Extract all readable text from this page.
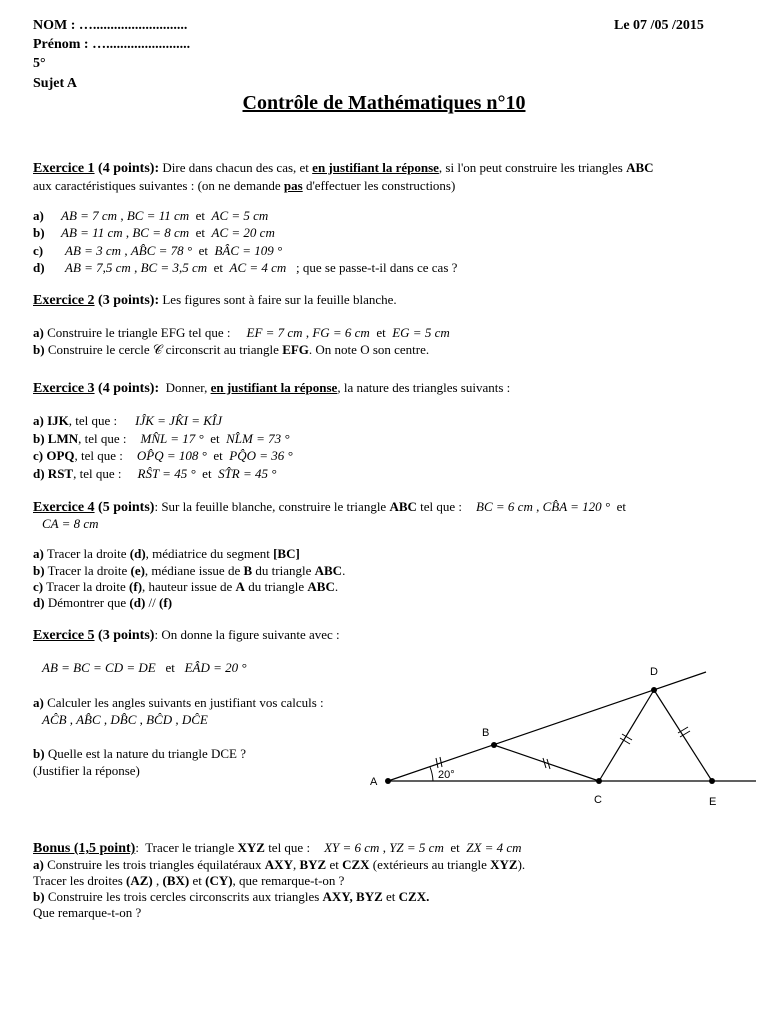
NOM : …...........................
Prénom : …........................
5°
Sujet A
Le 07 /05 /2015
Contrôle de Mathématiques n°10
Exercice 1 (4 points): Dire dans chacun des cas, et en justifiant la réponse, si l'on peut construire les triangles ABC
aux caractéristiques suivantes : (on ne demande pas d'effectuer les constructions)
a) AB = 7 cm , BC = 11 cm  et  AC = 5 cm
b) AB = 11 cm , BC = 8 cm  et  AC = 20 cm
c) AB = 3 cm , AB̂C = 78 °  et  BÂC = 109 °
d) AB = 7,5 cm , BC = 3,5 cm  et  AC = 4 cm   ; que se passe-t-il dans ce cas ?
Exercice 2 (3 points): Les figures sont à faire sur la feuille blanche.
a) Construire le triangle EFG tel que : EF = 7 cm , FG = 6 cm  et  EG = 5 cm
b) Construire le cercle 𝒞 circonscrit au triangle EFG. On note O son centre.
Exercice 3 (4 points):  Donner, en justifiant la réponse, la nature des triangles suivants :
a) IJK, tel que : IĴK = JK̂I = KÎJ
b) LMN, tel que : MN̂L = 17 °  et  NL̂M = 73 °
c) OPQ, tel que : OP̂Q = 108 °  et  PQ̂O = 36 °
d) RST, tel que : RŜT = 45 °  et  ST̂R = 45 °
Exercice 4 (5 points): Sur la feuille blanche, construire le triangle ABC tel que : BC = 6 cm , CB̂A = 120 °  et
CA = 8 cm
a) Tracer la droite (d), médiatrice du segment [BC]
b) Tracer la droite (e), médiane issue de B du triangle ABC.
c) Tracer la droite (f), hauteur issue de A du triangle ABC.
d) Démontrer que (d) // (f)
Exercice 5 (3 points): On donne la figure suivante avec :
AB = BC = CD = DE   et   EÂD = 20 °
a) Calculer les angles suivants en justifiant vos calculs :
AĈB , AB̂C , DB̂C , BĈD , DĈE
b) Quelle est la nature du triangle DCE ?
(Justifier la réponse)
A
B
C
D
E
20°
Bonus (1,5 point):  Tracer le triangle XYZ tel que : XY = 6 cm , YZ = 5 cm  et  ZX = 4 cm
a) Construire les trois triangles équilatéraux AXY, BYZ et CZX (extérieurs au triangle XYZ).
Tracer les droites (AZ) , (BX) et (CY), que remarque-t-on ?
b) Construire les trois cercles circonscrits aux triangles AXY, BYZ et CZX.
Que remarque-t-on ?
